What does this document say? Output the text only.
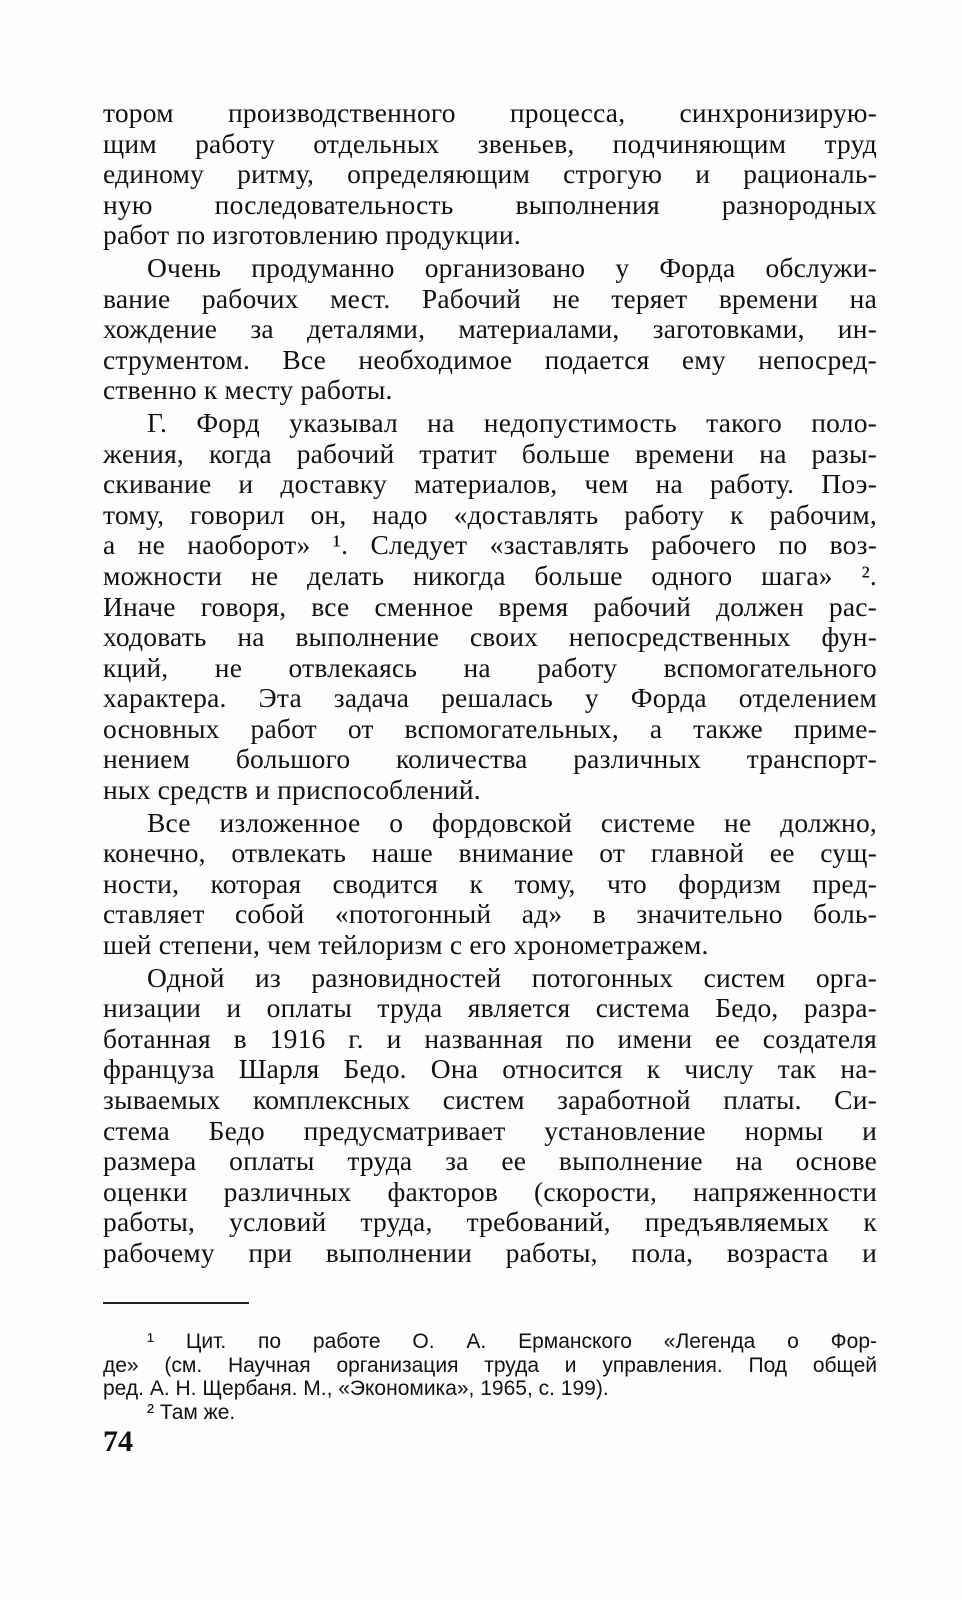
тором производственного процесса, синхронизирую-
щим работу отдельных звеньев, подчиняющим труд
единому ритму, определяющим строгую и рациональ-
ную последовательность выполнения разнородных
работ по изготовлению продукции.
Очень продуманно организовано у Форда обслужи-
вание рабочих мест. Рабочий не теряет времени на
хождение за деталями, материалами, заготовками, ин-
струментом. Все необходимое подается ему непосред-
ственно к месту работы.
Г. Форд указывал на недопустимость такого поло-
жения, когда рабочий тратит больше времени на разы-
скивание и доставку материалов, чем на работу. Поэ-
тому, говорил он, надо «доставлять работу к рабочим,
а не наоборот» ¹. Следует «заставлять рабочего по воз-
можности не делать никогда больше одного шага» ².
Иначе говоря, все сменное время рабочий должен рас-
ходовать на выполнение своих непосредственных фун-
кций, не отвлекаясь на работу вспомогательного
характера. Эта задача решалась у Форда отделением
основных работ от вспомогательных, а также приме-
нением большого количества различных транспорт-
ных средств и приспособлений.
Все изложенное о фордовской системе не должно,
конечно, отвлекать наше внимание от главной ее сущ-
ности, которая сводится к тому, что фордизм пред-
ставляет собой «потогонный ад» в значительно боль-
шей степени, чем тейлоризм с его хронометражем.
Одной из разновидностей потогонных систем орга-
низации и оплаты труда является система Бедо, разра-
ботанная в 1916 г. и названная по имени ее создателя
француза Шарля Бедо. Она относится к числу так на-
зываемых комплексных систем заработной платы. Си-
стема Бедо предусматривает установление нормы и
размера оплаты труда за ее выполнение на основе
оценки различных факторов (скорости, напряженности
работы, условий труда, требований, предъявляемых к
рабочему при выполнении работы, пола, возраста и
¹ Цит. по работе О. А. Ерманского «Легенда о Фор-
де» (см. Научная организация труда и управления. Под общей
ред. А. Н. Щербаня. М., «Экономика», 1965, с. 199).
² Там же.
74
